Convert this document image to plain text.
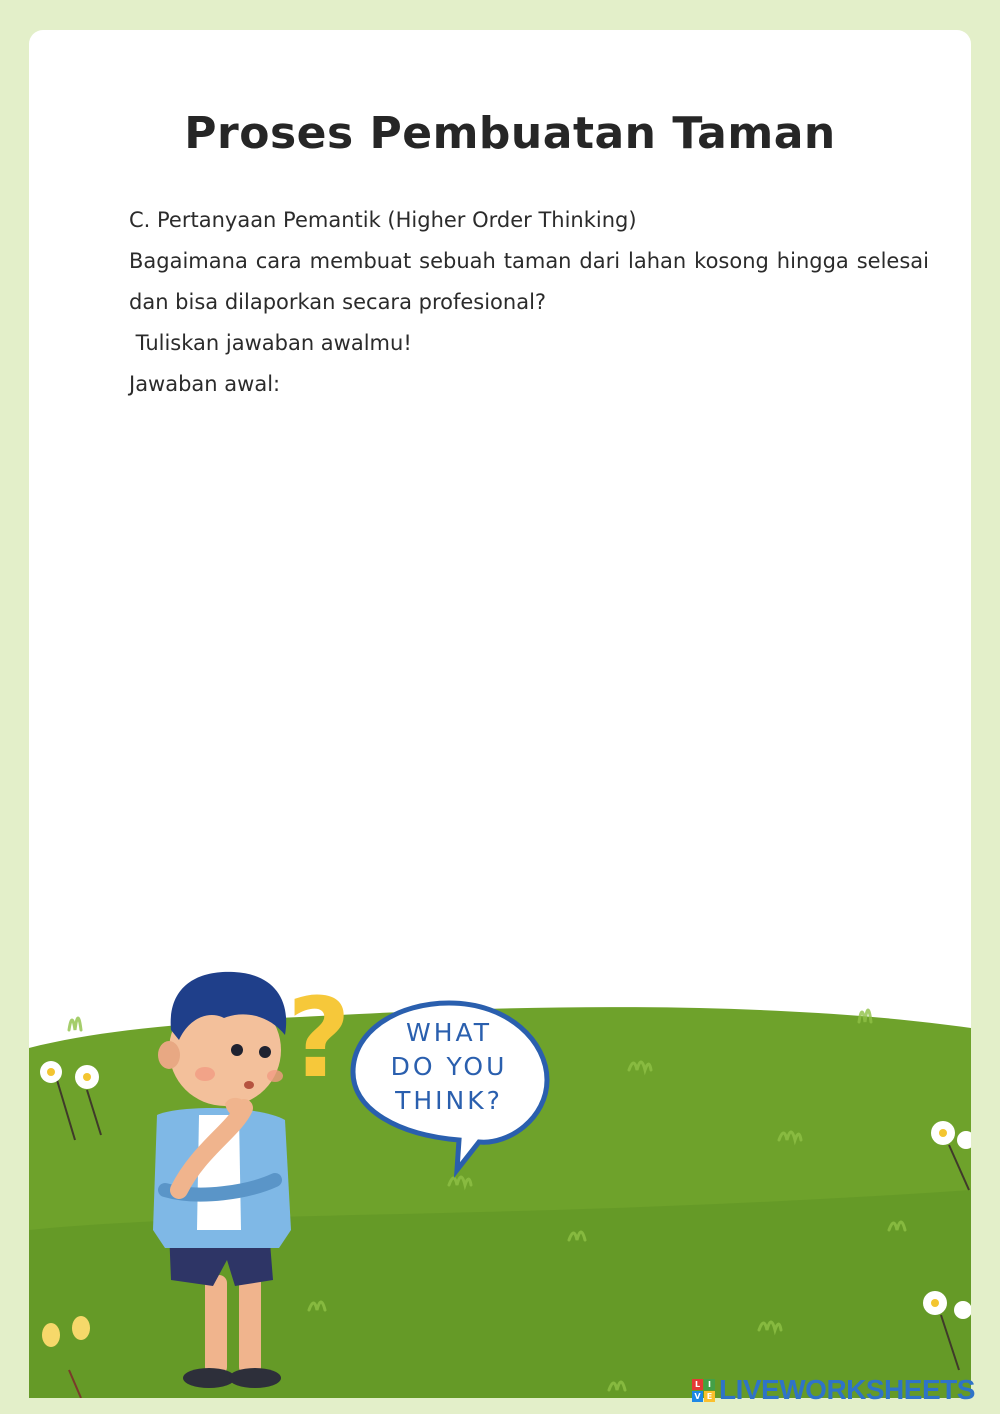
Proses Pembuatan Taman

C. Pertanyaan Pemantik (Higher Order Thinking)

Bagaimana cara membuat sebuah taman dari lahan kosong hingga selesai dan bisa dilaporkan secara profesional?

Tuliskan jawaban awalmu!

Jawaban awal:

?	WHAT
DO YOU
THINK?
L I
V E LIVEWORKSHEETS
